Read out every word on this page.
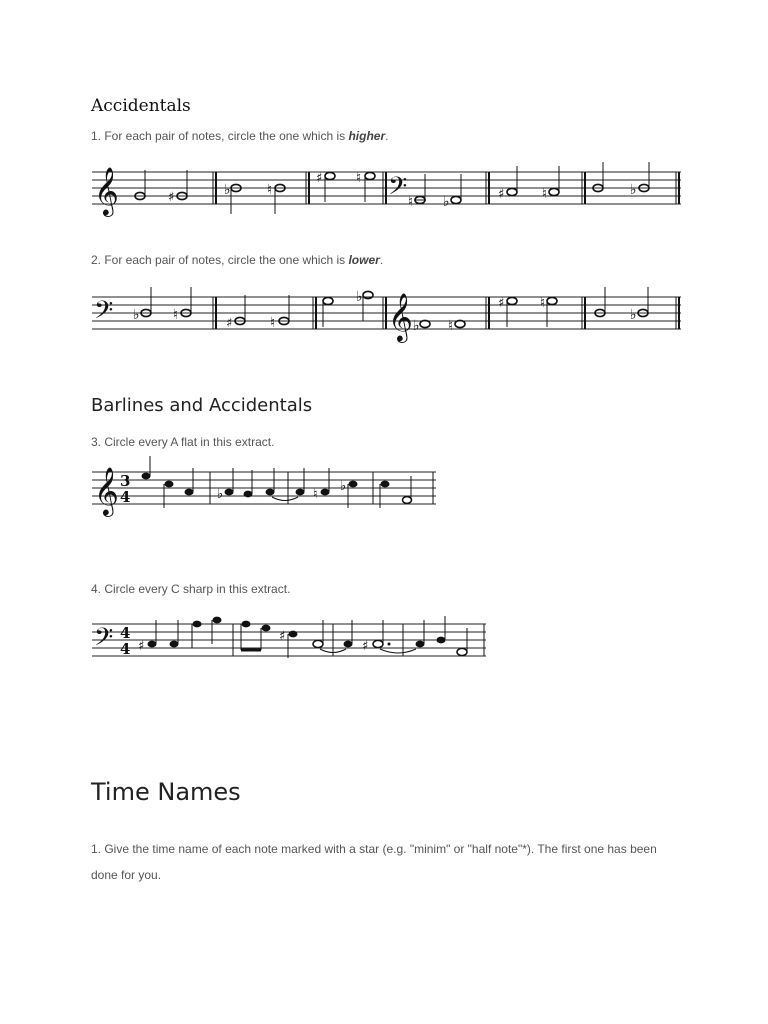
Accidentals
1. For each pair of notes, circle the one which is higher.
𝄞	♯	♭	♮
♯ ♮ 𝄢 ♮ ♭	♯	♮	♭
2. For each pair of notes, circle the one which is lower.
𝄢 ♭ ♮
♯	♮
♭ 𝄞 ♭ ♮
♯	♮
♭
Barlines and Accidentals
3. Circle every A flat in this extract.
𝄞 3
4	♭	♮
♭
4. Circle every C sharp in this extract.
𝄢 4
4 ♯
♯
♯
Time Names
1. Give the time name of each note marked with a star (e.g. "minim" or "half note"*). The first one has been
done for you.
